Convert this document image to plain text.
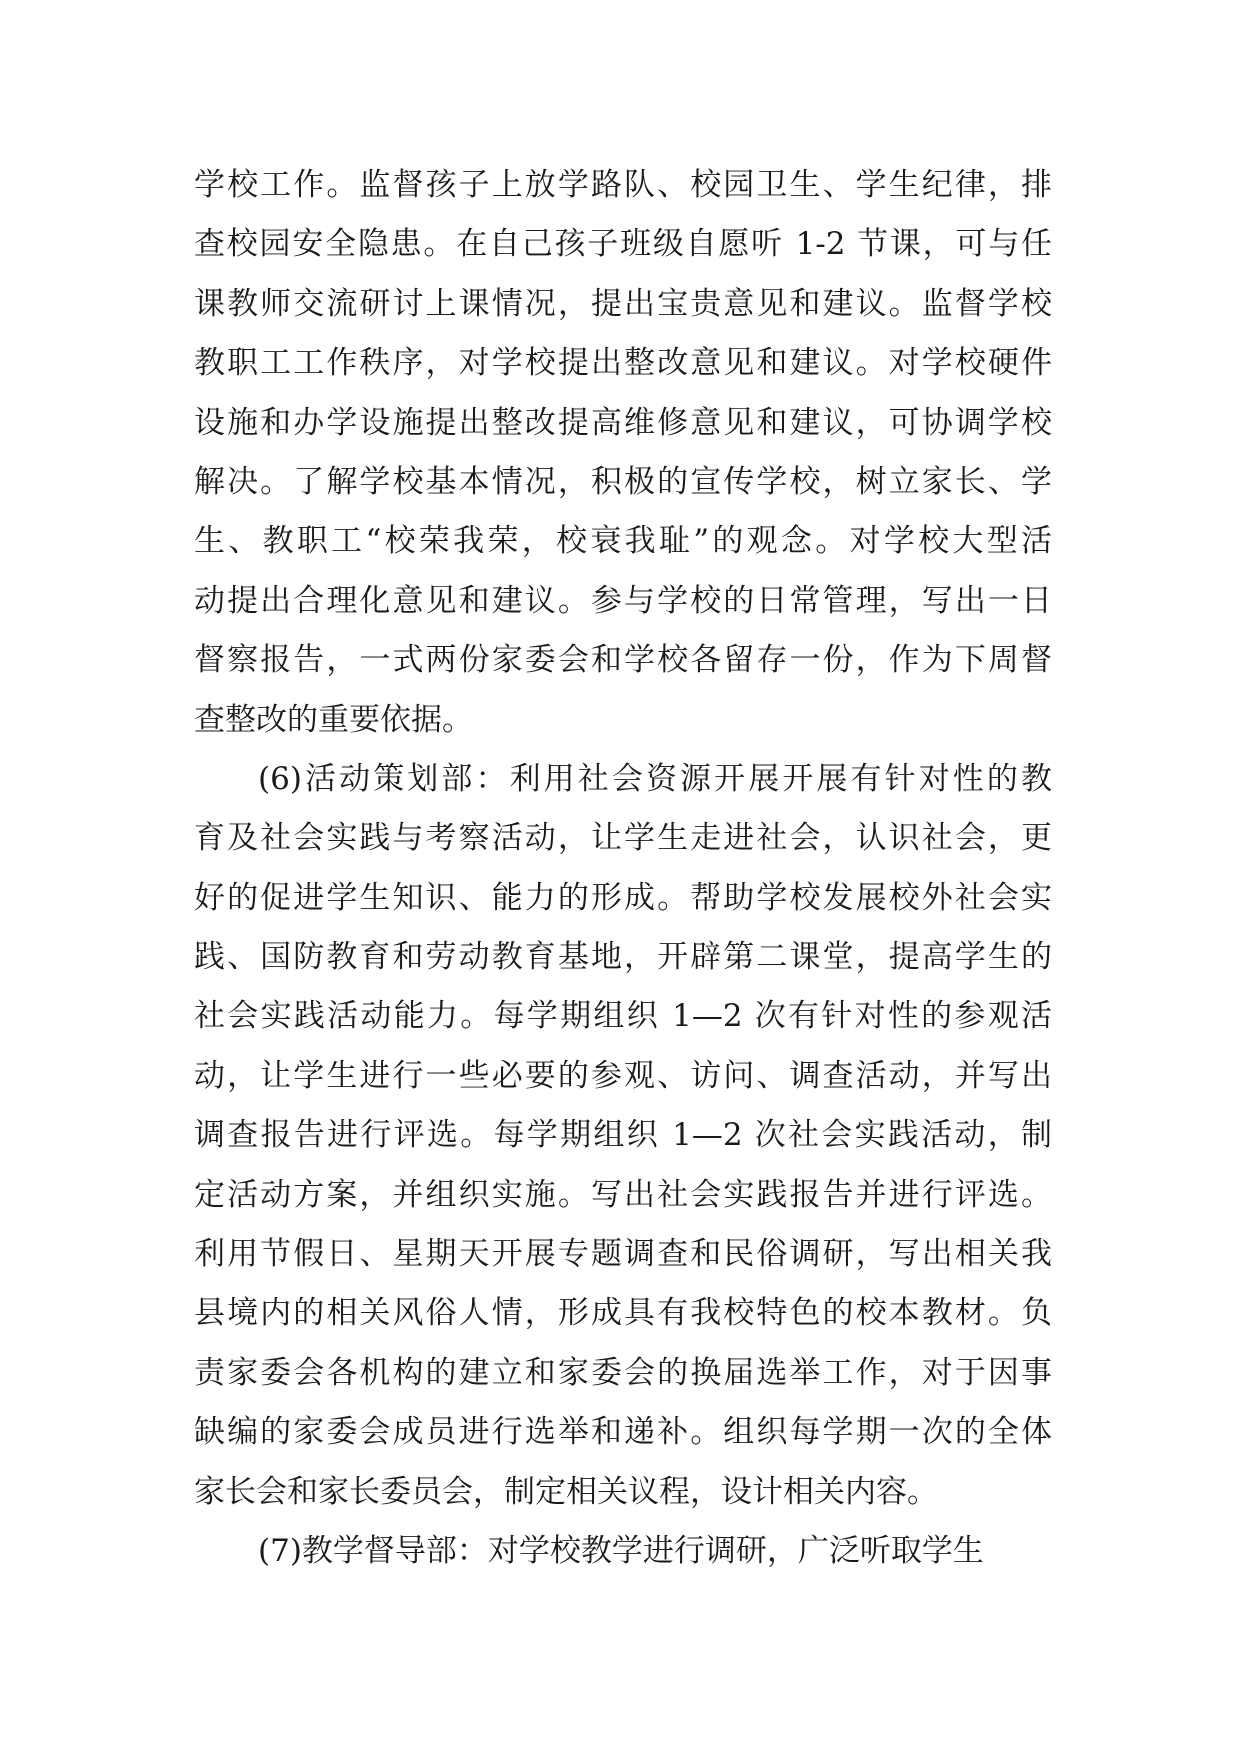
学校工作。监督孩子上放学路队、校园卫生、学生纪律，排
查校园安全隐患。在自己孩子班级自愿听 1-2 节课，可与任
课教师交流研讨上课情况，提出宝贵意见和建议。监督学校
教职工工作秩序，对学校提出整改意见和建议。对学校硬件
设施和办学设施提出整改提高维修意见和建议，可协调学校
解决。了解学校基本情况，积极的宣传学校，树立家长、学
生、教职工“校荣我荣，校衰我耻”的观念。对学校大型活
动提出合理化意见和建议。参与学校的日常管理，写出一日
督察报告，一式两份家委会和学校各留存一份，作为下周督
查整改的重要依据。
(6)活动策划部：利用社会资源开展开展有针对性的教
育及社会实践与考察活动，让学生走进社会，认识社会，更
好的促进学生知识、能力的形成。帮助学校发展校外社会实
践、国防教育和劳动教育基地，开辟第二课堂，提高学生的
社会实践活动能力。每学期组织 1—2 次有针对性的参观活
动，让学生进行一些必要的参观、访问、调查活动，并写出
调查报告进行评选。每学期组织 1—2 次社会实践活动，制
定活动方案，并组织实施。写出社会实践报告并进行评选。
利用节假日、星期天开展专题调查和民俗调研，写出相关我
县境内的相关风俗人情，形成具有我校特色的校本教材。负
责家委会各机构的建立和家委会的换届选举工作，对于因事
缺编的家委会成员进行选举和递补。组织每学期一次的全体
家长会和家长委员会，制定相关议程，设计相关内容。
(7)教学督导部：对学校教学进行调研，广泛听取学生
